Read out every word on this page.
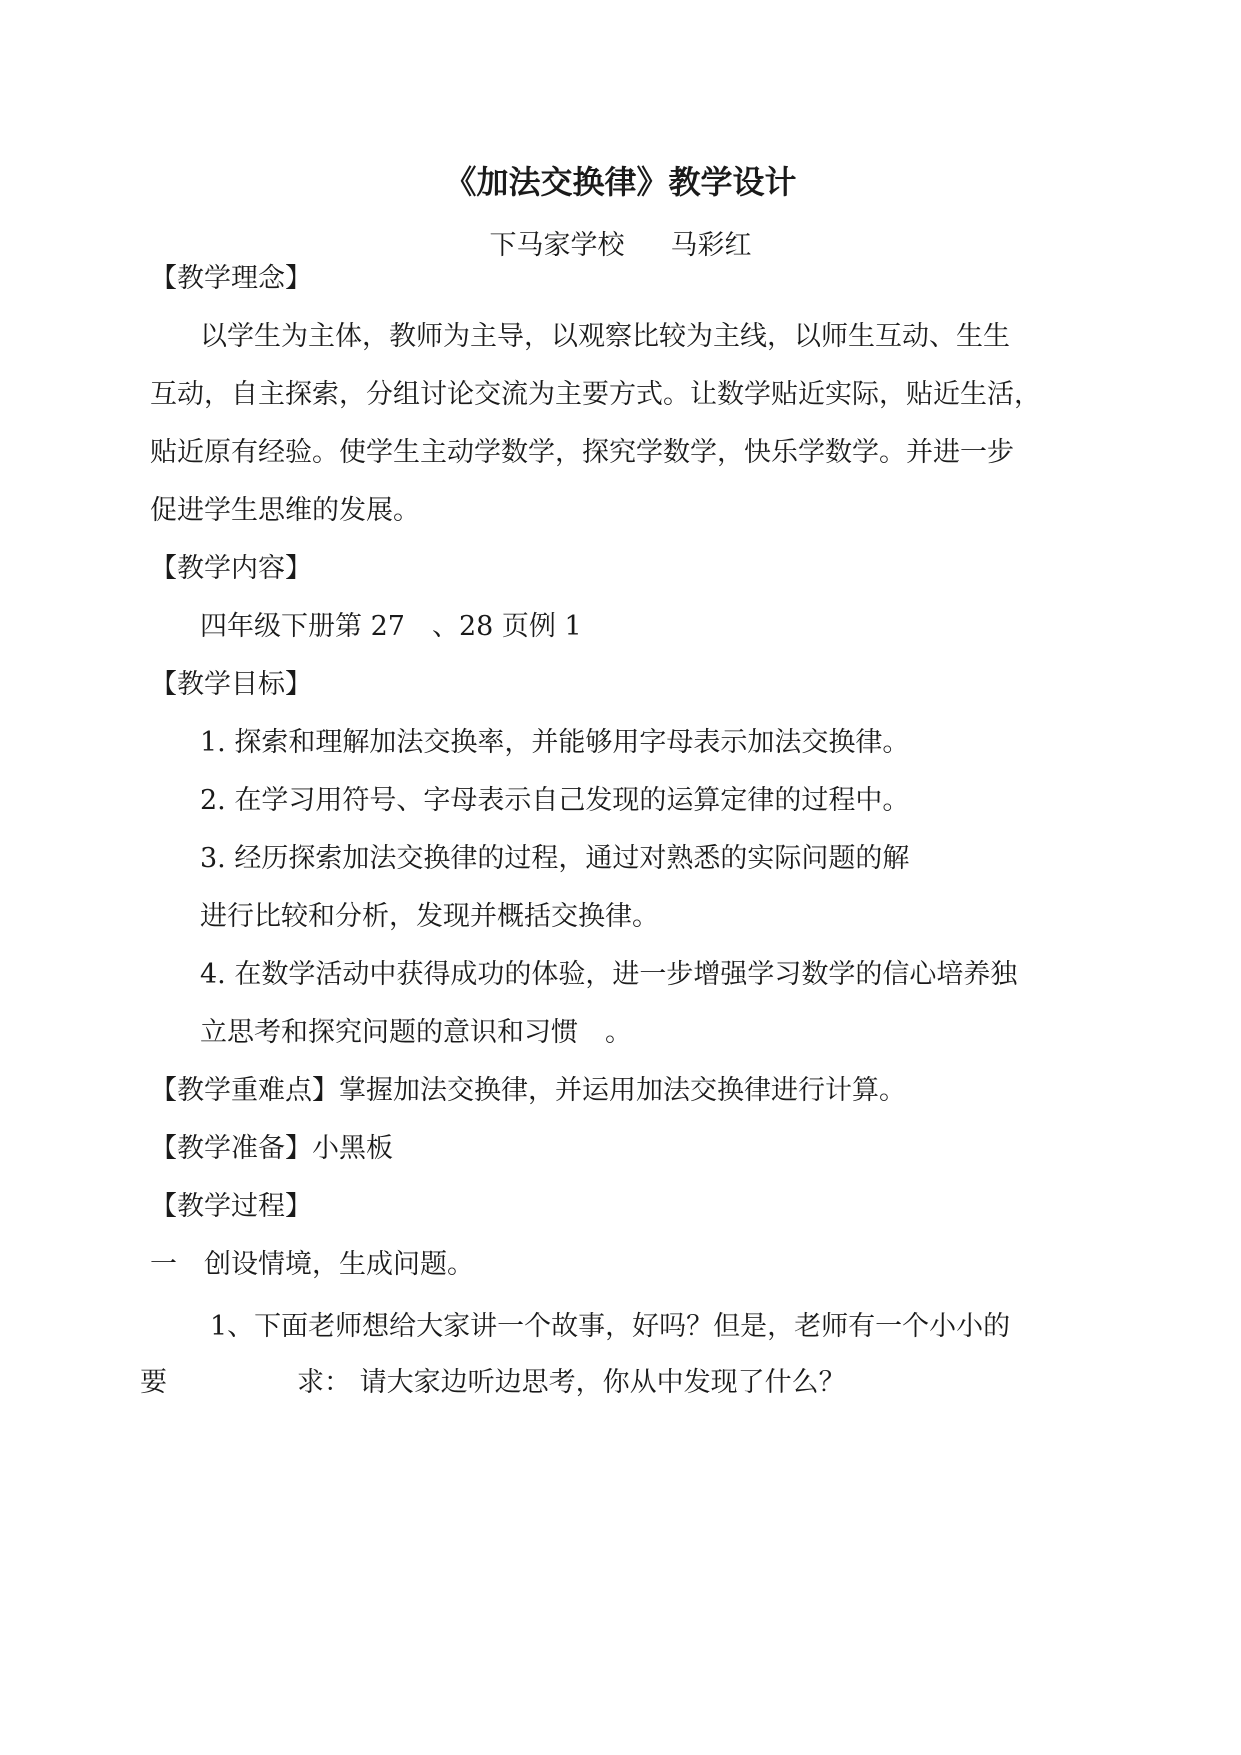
《加法交换律》教学设计
下马家学校 马彩红
【教学理念】
以学生为主体，教师为主导，以观察比较为主线，以师生互动、生生
互动，自主探索，分组讨论交流为主要方式。让数学贴近实际，贴近生活，
贴近原有经验。使学生主动学数学，探究学数学，快乐学数学。并进一步
促进学生思维的发展。
【教学内容】
四年级下册第 27　、28 页例 1
【教学目标】
1. 探索和理解加法交换率，并能够用字母表示加法交换律。
2. 在学习用符号、字母表示自己发现的运算定律的过程中。
3. 经历探索加法交换律的过程，通过对熟悉的实际问题的解
进行比较和分析，发现并概括交换律。
4. 在数学活动中获得成功的体验，进一步增强学习数学的信心培养独
立思考和探究问题的意识和习惯　。
【教学重难点】掌握加法交换律，并运用加法交换律进行计算。
【教学准备】小黑板
【教学过程】
一　创设情境，生成问题。
1、下面老师想给大家讲一个故事，好吗？但是，老师有一个小小的
要	求： 请大家边听边思考，你从中发现了什么？
